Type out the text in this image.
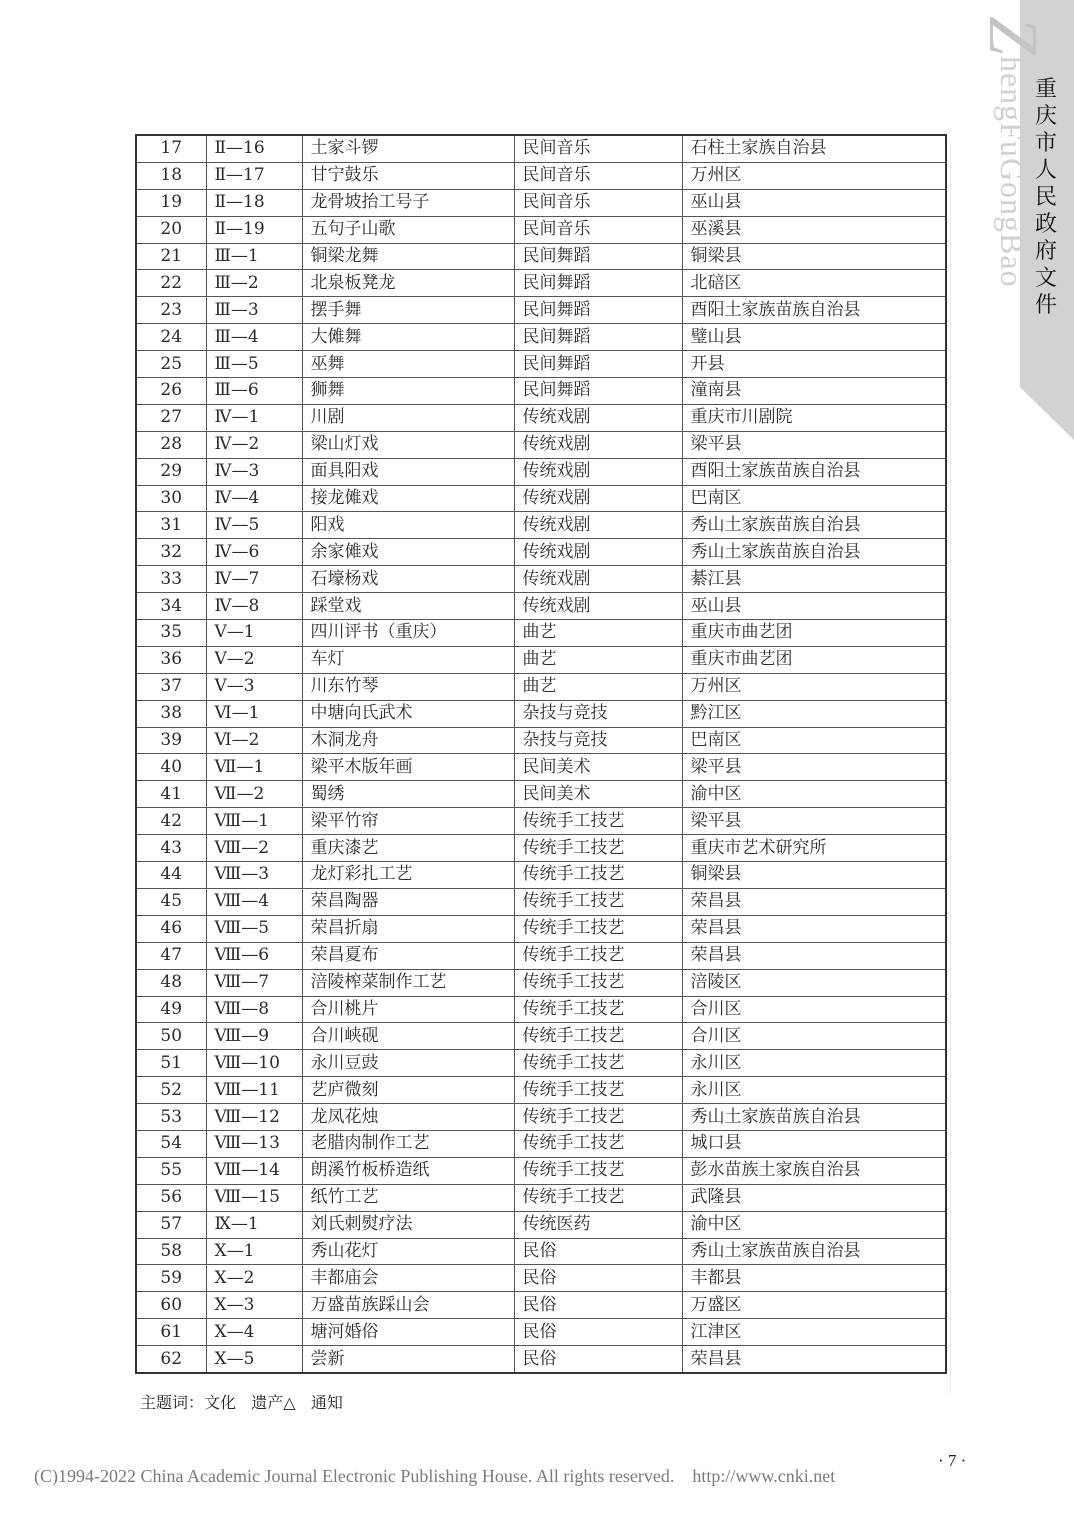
ZhengFuGongBao 重庆市人民政府文件
17	Ⅱ—16	土家斗锣	民间音乐	石柱土家族自治县
18	Ⅱ—17	甘宁鼓乐	民间音乐	万州区
19	Ⅱ—18	龙骨坡抬工号子	民间音乐	巫山县
20	Ⅱ—19	五句子山歌	民间音乐	巫溪县
21	Ⅲ—1	铜梁龙舞	民间舞蹈	铜梁县
22	Ⅲ—2	北泉板凳龙	民间舞蹈	北碚区
23	Ⅲ—3	摆手舞	民间舞蹈	酉阳土家族苗族自治县
24	Ⅲ—4	大傩舞	民间舞蹈	璧山县
25	Ⅲ—5	巫舞	民间舞蹈	开县
26	Ⅲ—6	狮舞	民间舞蹈	潼南县
27	Ⅳ—1	川剧	传统戏剧	重庆市川剧院
28	Ⅳ—2	梁山灯戏	传统戏剧	梁平县
29	Ⅳ—3	面具阳戏	传统戏剧	酉阳土家族苗族自治县
30	Ⅳ—4	接龙傩戏	传统戏剧	巴南区
31	Ⅳ—5	阳戏	传统戏剧	秀山土家族苗族自治县
32	Ⅳ—6	余家傩戏	传统戏剧	秀山土家族苗族自治县
33	Ⅳ—7	石壕杨戏	传统戏剧	綦江县
34	Ⅳ—8	踩堂戏	传统戏剧	巫山县
35	Ⅴ—1	四川评书（重庆）	曲艺	重庆市曲艺团
36	Ⅴ—2	车灯	曲艺	重庆市曲艺团
37	Ⅴ—3	川东竹琴	曲艺	万州区
38	Ⅵ—1	中塘向氏武术	杂技与竞技	黔江区
39	Ⅵ—2	木洞龙舟	杂技与竞技	巴南区
40	Ⅶ—1	梁平木版年画	民间美术	梁平县
41	Ⅶ—2	蜀绣	民间美术	渝中区
42	Ⅷ—1	梁平竹帘	传统手工技艺	梁平县
43	Ⅷ—2	重庆漆艺	传统手工技艺	重庆市艺术研究所
44	Ⅷ—3	龙灯彩扎工艺	传统手工技艺	铜梁县
45	Ⅷ—4	荣昌陶器	传统手工技艺	荣昌县
46	Ⅷ—5	荣昌折扇	传统手工技艺	荣昌县
47	Ⅷ—6	荣昌夏布	传统手工技艺	荣昌县
48	Ⅷ—7	涪陵榨菜制作工艺	传统手工技艺	涪陵区
49	Ⅷ—8	合川桃片	传统手工技艺	合川区
50	Ⅷ—9	合川峡砚	传统手工技艺	合川区
51	Ⅷ—10	永川豆豉	传统手工技艺	永川区
52	Ⅷ—11	艺庐微刻	传统手工技艺	永川区
53	Ⅷ—12	龙凤花烛	传统手工技艺	秀山土家族苗族自治县
54	Ⅷ—13	老腊肉制作工艺	传统手工技艺	城口县
55	Ⅷ—14	朗溪竹板桥造纸	传统手工技艺	彭水苗族土家族自治县
56	Ⅷ—15	纸竹工艺	传统手工技艺	武隆县
57	Ⅸ—1	刘氏刺熨疗法	传统医药	渝中区
58	Ⅹ—1	秀山花灯	民俗	秀山土家族苗族自治县
59	Ⅹ—2	丰都庙会	民俗	丰都县
60	Ⅹ—3	万盛苗族踩山会	民俗	万盛区
61	Ⅹ—4	塘河婚俗	民俗	江津区
62	Ⅹ—5	尝新	民俗	荣昌县
主题词：文化   遗产△   通知
· 7 ·
(C)1994-2022 China Academic Journal Electronic Publishing House. All rights reserved.    http://www.cnki.net
